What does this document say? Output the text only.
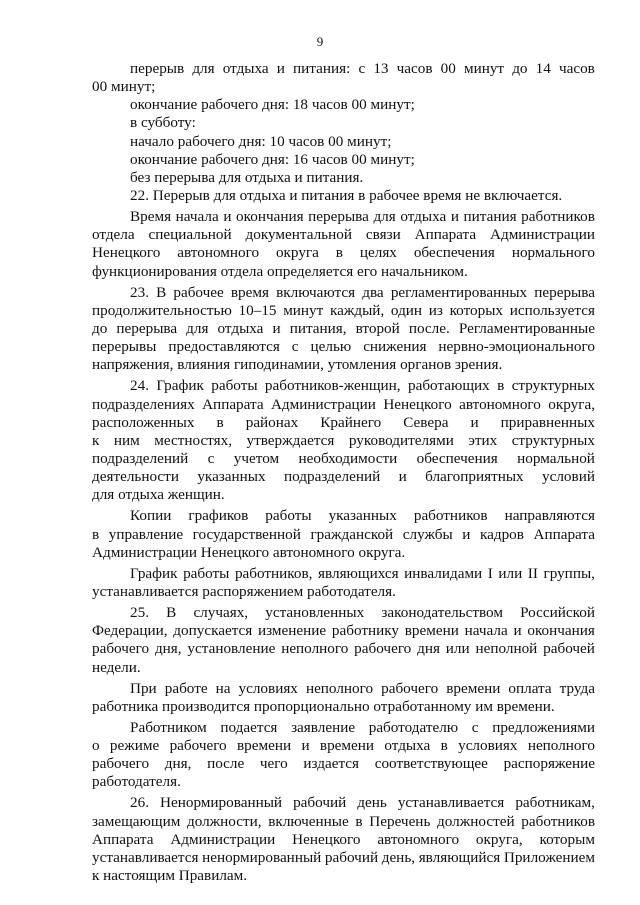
9
перерыв для отдыха и питания: с 13 часов 00 минут до 14 часов
00 минут;
окончание рабочего дня: 18 часов 00 минут;
в субботу:
начало рабочего дня: 10 часов 00 минут;
окончание рабочего дня: 16 часов 00 минут;
без перерыва для отдыха и питания.
22. Перерыв для отдыха и питания в рабочее время не включается.
Время начала и окончания перерыва для отдыха и питания работников
отдела специальной документальной связи Аппарата Администрации
Ненецкого автономного округа в целях обеспечения нормального
функционирования отдела определяется его начальником.
23. В рабочее время включаются два регламентированных перерыва
продолжительностью 10–15 минут каждый, один из которых используется
до перерыва для отдыха и питания, второй после. Регламентированные
перерывы предоставляются с целью снижения нервно-эмоционального
напряжения, влияния гиподинамии, утомления органов зрения.
24. График работы работников-женщин, работающих в структурных
подразделениях Аппарата Администрации Ненецкого автономного округа,
расположенных в районах Крайнего Севера и приравненных
к ним местностях, утверждается руководителями этих структурных
подразделений с учетом необходимости обеспечения нормальной
деятельности указанных подразделений и благоприятных условий
для отдыха женщин.
Копии графиков работы указанных работников направляются
в управление государственной гражданской службы и кадров Аппарата
Администрации Ненецкого автономного округа.
График работы работников, являющихся инвалидами I или II группы,
устанавливается распоряжением работодателя.
25. В случаях, установленных законодательством Российской
Федерации, допускается изменение работнику времени начала и окончания
рабочего дня, установление неполного рабочего дня или неполной рабочей
недели.
При работе на условиях неполного рабочего времени оплата труда
работника производится пропорционально отработанному им времени.
Работником подается заявление работодателю с предложениями
о режиме рабочего времени и времени отдыха в условиях неполного
рабочего дня, после чего издается соответствующее распоряжение
работодателя.
26. Ненормированный рабочий день устанавливается работникам,
замещающим должности, включенные в Перечень должностей работников
Аппарата Администрации Ненецкого автономного округа, которым
устанавливается ненормированный рабочий день, являющийся Приложением
к настоящим Правилам.
